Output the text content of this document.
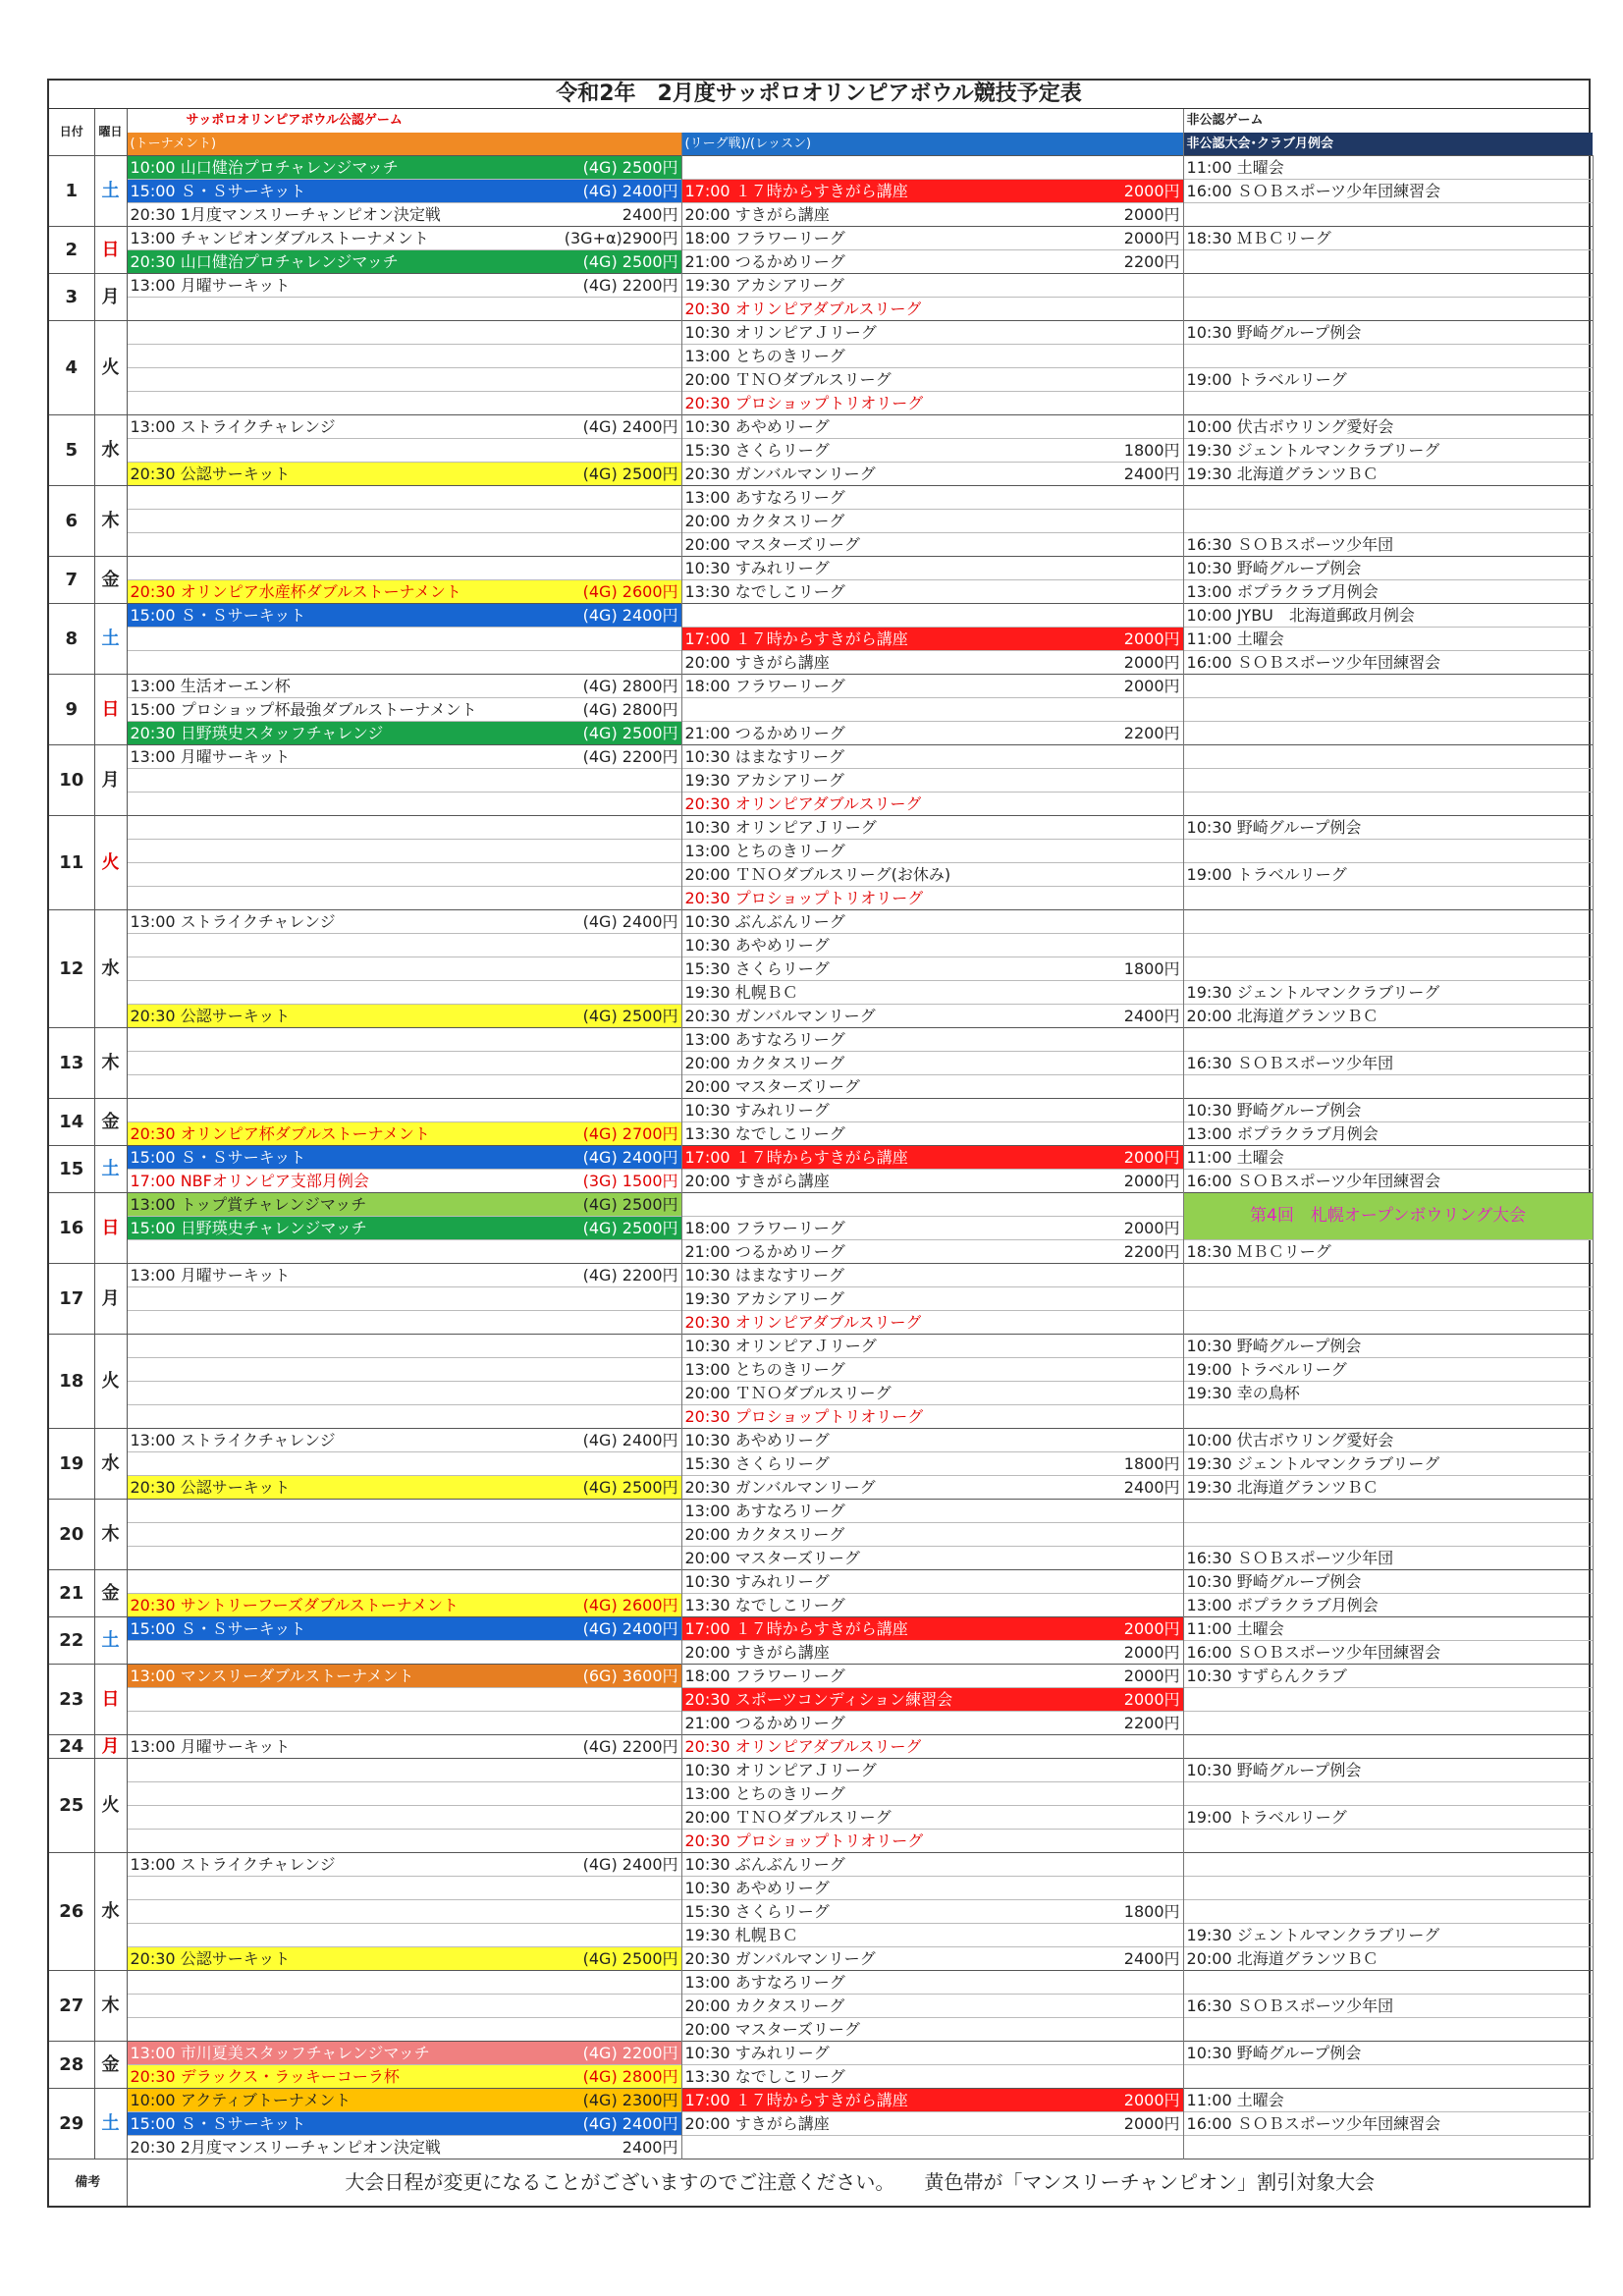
令和2年　2月度サッポロオリンピアボウル競技予定表
日付	曜日	サッポロオリンピアボウル公認ゲーム		非公認ゲーム
		(トーナメント)	(リーグ戦)/(レッスン)	非公認大会･クラブ月例会
1	土	10:00 山口健治プロチャレンジマッチ (4G) 2500円		11:00 土曜会

		15:00 Ｓ・Ｓサーキット (4G) 2400円	17:00 １７時からすきがら講座 2000円	16:00 ＳＯＢスポーツ少年団練習会

		20:30 1月度マンスリーチャンピオン決定戦 2400円	20:00 すきがら講座 2000円	

2	日	13:00 チャンピオンダブルストーナメント (3G+α)2900円	18:00 フラワーリーグ 2000円	18:30 ＭＢＣリーグ

		20:30 山口健治プロチャレンジマッチ (4G) 2500円	21:00 つるかめリーグ 2200円	

3	月	13:00 月曜サーキット (4G) 2200円	19:30 アカシアリーグ	

			20:30 オリンピアダブルスリーグ	

4	火		10:30 オリンピアＪリーグ	10:30 野崎グループ例会

			13:00 とちのきリーグ	

			20:00 ＴＮＯダブルスリーグ	19:00 トラベルリーグ

			20:30 プロショップトリオリーグ	

5	水	13:00 ストライクチャレンジ (4G) 2400円	10:30 あやめリーグ	10:00 伏古ボウリング愛好会

			15:30 さくらリーグ 1800円	19:30 ジェントルマンクラブリーグ

		20:30 公認サーキット (4G) 2500円	20:30 ガンバルマンリーグ 2400円	19:30 北海道グランツＢＣ

6	木		13:00 あすなろリーグ	

			20:00 カクタスリーグ	

			20:00 マスターズリーグ	16:30 ＳＯＢスポーツ少年団

7	金		10:30 すみれリーグ	10:30 野崎グループ例会

		20:30 オリンピア水産杯ダブルストーナメント (4G) 2600円	13:30 なでしこリーグ	13:00 ボプラクラブ月例会

8	土	15:00 Ｓ・Ｓサーキット (4G) 2400円		10:00 JYBU　北海道郵政月例会

			17:00 １７時からすきがら講座 2000円	11:00 土曜会

			20:00 すきがら講座 2000円	16:00 ＳＯＢスポーツ少年団練習会

9	日	13:00 生活オーエン杯 (4G) 2800円	18:00 フラワーリーグ 2000円	

		15:00 プロショップ杯最強ダブルストーナメント (4G) 2800円		

		20:30 日野瑛史スタッフチャレンジ (4G) 2500円	21:00 つるかめリーグ 2200円	

10	月	13:00 月曜サーキット (4G) 2200円	10:30 はまなすリーグ	

			19:30 アカシアリーグ	

			20:30 オリンピアダブルスリーグ	

11	火		10:30 オリンピアＪリーグ	10:30 野崎グループ例会

			13:00 とちのきリーグ	

			20:00 ＴＮＯダブルスリーグ(お休み)	19:00 トラベルリーグ

			20:30 プロショップトリオリーグ	

12	水	13:00 ストライクチャレンジ (4G) 2400円	10:30 ぶんぶんリーグ	

			10:30 あやめリーグ	

			15:30 さくらリーグ 1800円	

			19:30 札幌ＢＣ	19:30 ジェントルマンクラブリーグ

		20:30 公認サーキット (4G) 2500円	20:30 ガンバルマンリーグ 2400円	20:00 北海道グランツＢＣ

13	木		13:00 あすなろリーグ	

			20:00 カクタスリーグ	16:30 ＳＯＢスポーツ少年団

			20:00 マスターズリーグ	

14	金		10:30 すみれリーグ	10:30 野崎グループ例会

		20:30 オリンピア杯ダブルストーナメント (4G) 2700円	13:30 なでしこリーグ	13:00 ボプラクラブ月例会

15	土	15:00 Ｓ・Ｓサーキット (4G) 2400円	17:00 １７時からすきがら講座 2000円	11:00 土曜会

		17:00 NBFオリンピア支部月例会 (3G) 1500円	20:00 すきがら講座 2000円	16:00 ＳＯＢスポーツ少年団練習会

16	日	13:00 トップ賞チャレンジマッチ (4G) 2500円		第4回　札幌オープンボウリング大会

		15:00 日野瑛史チャレンジマッチ (4G) 2500円	18:00 フラワーリーグ 2000円	

			21:00 つるかめリーグ 2200円	18:30 ＭＢＣリーグ

17	月	13:00 月曜サーキット (4G) 2200円	10:30 はまなすリーグ	

			19:30 アカシアリーグ	

			20:30 オリンピアダブルスリーグ	

18	火		10:30 オリンピアＪリーグ	10:30 野崎グループ例会

			13:00 とちのきリーグ	19:00 トラベルリーグ

			20:00 ＴＮＯダブルスリーグ	19:30 幸の鳥杯

			20:30 プロショップトリオリーグ	

19	水	13:00 ストライクチャレンジ (4G) 2400円	10:30 あやめリーグ	10:00 伏古ボウリング愛好会

			15:30 さくらリーグ 1800円	19:30 ジェントルマンクラブリーグ

		20:30 公認サーキット (4G) 2500円	20:30 ガンバルマンリーグ 2400円	19:30 北海道グランツＢＣ

20	木		13:00 あすなろリーグ	

			20:00 カクタスリーグ	

			20:00 マスターズリーグ	16:30 ＳＯＢスポーツ少年団

21	金		10:30 すみれリーグ	10:30 野崎グループ例会

		20:30 サントリーフーズダブルストーナメント (4G) 2600円	13:30 なでしこリーグ	13:00 ボプラクラブ月例会

22	土	15:00 Ｓ・Ｓサーキット (4G) 2400円	17:00 １７時からすきがら講座 2000円	11:00 土曜会

			20:00 すきがら講座 2000円	16:00 ＳＯＢスポーツ少年団練習会

23	日	13:00 マンスリーダブルストーナメント (6G) 3600円	18:00 フラワーリーグ 2000円	10:30 すずらんクラブ

			20:30 スポーツコンディション練習会 2000円	

			21:00 つるかめリーグ 2200円	

24	月	13:00 月曜サーキット (4G) 2200円	20:30 オリンピアダブルスリーグ	

25	火		10:30 オリンピアＪリーグ	10:30 野崎グループ例会

			13:00 とちのきリーグ	

			20:00 ＴＮＯダブルスリーグ	19:00 トラベルリーグ

			20:30 プロショップトリオリーグ	

26	水	13:00 ストライクチャレンジ (4G) 2400円	10:30 ぶんぶんリーグ	

			10:30 あやめリーグ	

			15:30 さくらリーグ 1800円	

			19:30 札幌ＢＣ	19:30 ジェントルマンクラブリーグ

		20:30 公認サーキット (4G) 2500円	20:30 ガンバルマンリーグ 2400円	20:00 北海道グランツＢＣ

27	木		13:00 あすなろリーグ	

			20:00 カクタスリーグ	16:30 ＳＯＢスポーツ少年団

			20:00 マスターズリーグ	

28	金	13:00 市川夏美スタッフチャレンジマッチ (4G) 2200円	10:30 すみれリーグ	10:30 野崎グループ例会

		20:30 デラックス・ラッキーコーラ杯 (4G) 2800円	13:30 なでしこリーグ	

29	土	10:00 アクティブトーナメント (4G) 2300円	17:00 １７時からすきがら講座 2000円	11:00 土曜会

		15:00 Ｓ・Ｓサーキット (4G) 2400円	20:00 すきがら講座 2000円	16:00 ＳＯＢスポーツ少年団練習会

		20:30 2月度マンスリーチャンピオン決定戦 2400円		

備考		大会日程が変更になることがございますのでご注意ください。　　黄色帯が「マンスリーチャンピオン」割引対象大会		
